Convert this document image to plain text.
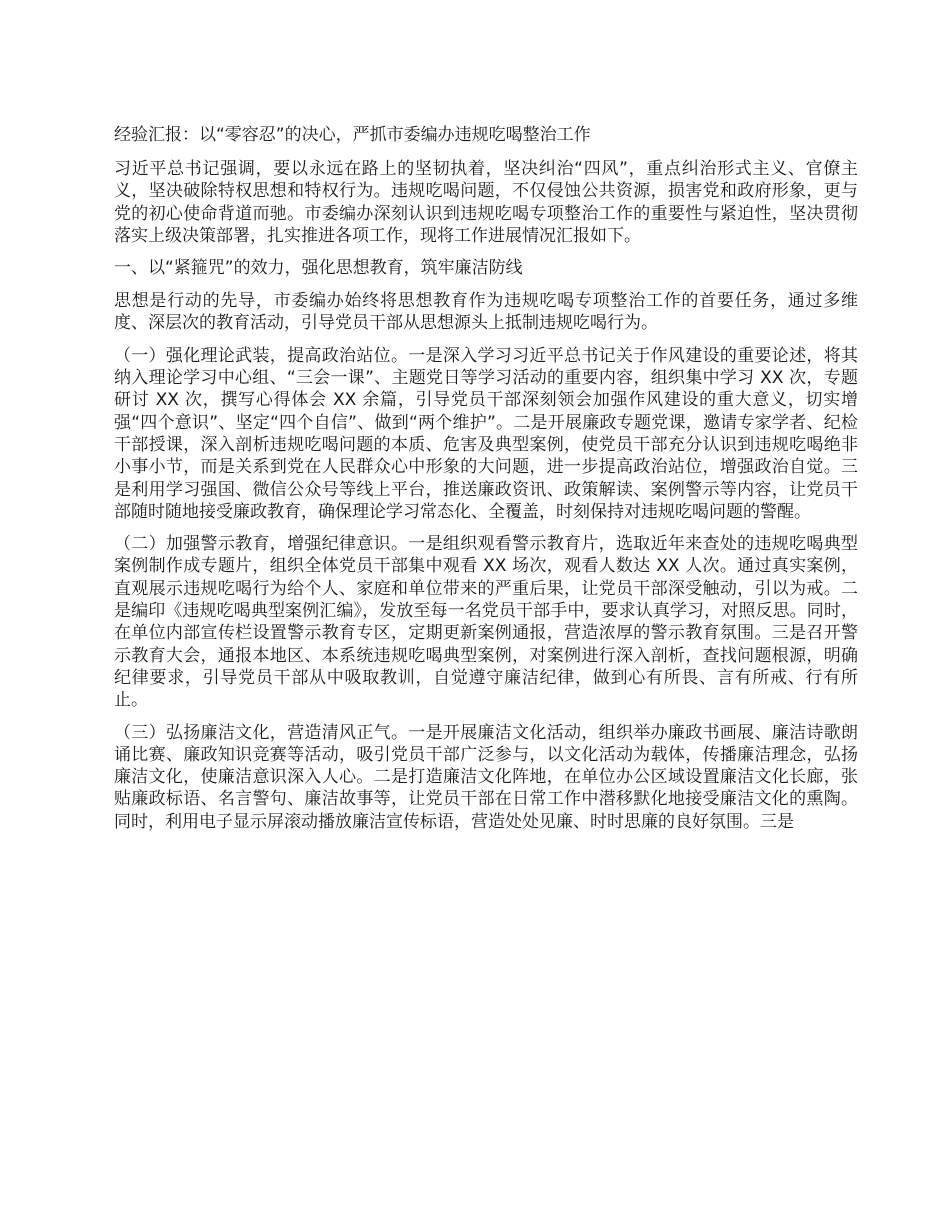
经验汇报：以“零容忍”的决心，严抓市委编办违规吃喝整治工作

习近平总书记强调，要以永远在路上的坚韧执着，坚决纠治“四风”，重点纠治形式主义、官僚主义，坚决破除特权思想和特权行为。违规吃喝问题，不仅侵蚀公共资源，损害党和政府形象，更与党的初心使命背道而驰。市委编办深刻认识到违规吃喝专项整治工作的重要性与紧迫性，坚决贯彻落实上级决策部署，扎实推进各项工作，现将工作进展情况汇报如下。

一、以“紧箍咒”的效力，强化思想教育，筑牢廉洁防线

思想是行动的先导，市委编办始终将思想教育作为违规吃喝专项整治工作的首要任务，通过多维度、深层次的教育活动，引导党员干部从思想源头上抵制违规吃喝行为。

（一）强化理论武装，提高政治站位。一是深入学习习近平总书记关于作风建设的重要论述，将其纳入理论学习中心组、“三会一课”、主题党日等学习活动的重要内容，组织集中学习 XX 次，专题研讨 XX 次，撰写心得体会 XX 余篇，引导党员干部深刻领会加强作风建设的重大意义，切实增强“四个意识”、坚定“四个自信”、做到“两个维护”。二是开展廉政专题党课，邀请专家学者、纪检干部授课，深入剖析违规吃喝问题的本质、危害及典型案例，使党员干部充分认识到违规吃喝绝非小事小节，而是关系到党在人民群众心中形象的大问题，进一步提高政治站位，增强政治自觉。三是利用学习强国、微信公众号等线上平台，推送廉政资讯、政策解读、案例警示等内容，让党员干部随时随地接受廉政教育，确保理论学习常态化、全覆盖，时刻保持对违规吃喝问题的警醒。

（二）加强警示教育，增强纪律意识。一是组织观看警示教育片，选取近年来查处的违规吃喝典型案例制作成专题片，组织全体党员干部集中观看 XX 场次，观看人数达 XX 人次。通过真实案例，直观展示违规吃喝行为给个人、家庭和单位带来的严重后果，让党员干部深受触动，引以为戒。二是编印《违规吃喝典型案例汇编》，发放至每一名党员干部手中，要求认真学习，对照反思。同时，在单位内部宣传栏设置警示教育专区，定期更新案例通报，营造浓厚的警示教育氛围。三是召开警示教育大会，通报本地区、本系统违规吃喝典型案例，对案例进行深入剖析，查找问题根源，明确纪律要求，引导党员干部从中吸取教训，自觉遵守廉洁纪律，做到心有所畏、言有所戒、行有所止。

（三）弘扬廉洁文化，营造清风正气。一是开展廉洁文化活动，组织举办廉政书画展、廉洁诗歌朗诵比赛、廉政知识竞赛等活动，吸引党员干部广泛参与，以文化活动为载体，传播廉洁理念，弘扬廉洁文化，使廉洁意识深入人心。二是打造廉洁文化阵地，在单位办公区域设置廉洁文化长廊，张贴廉政标语、名言警句、廉洁故事等，让党员干部在日常工作中潜移默化地接受廉洁文化的熏陶。同时，利用电子显示屏滚动播放廉洁宣传标语，营造处处见廉、时时思廉的良好氛围。三是
